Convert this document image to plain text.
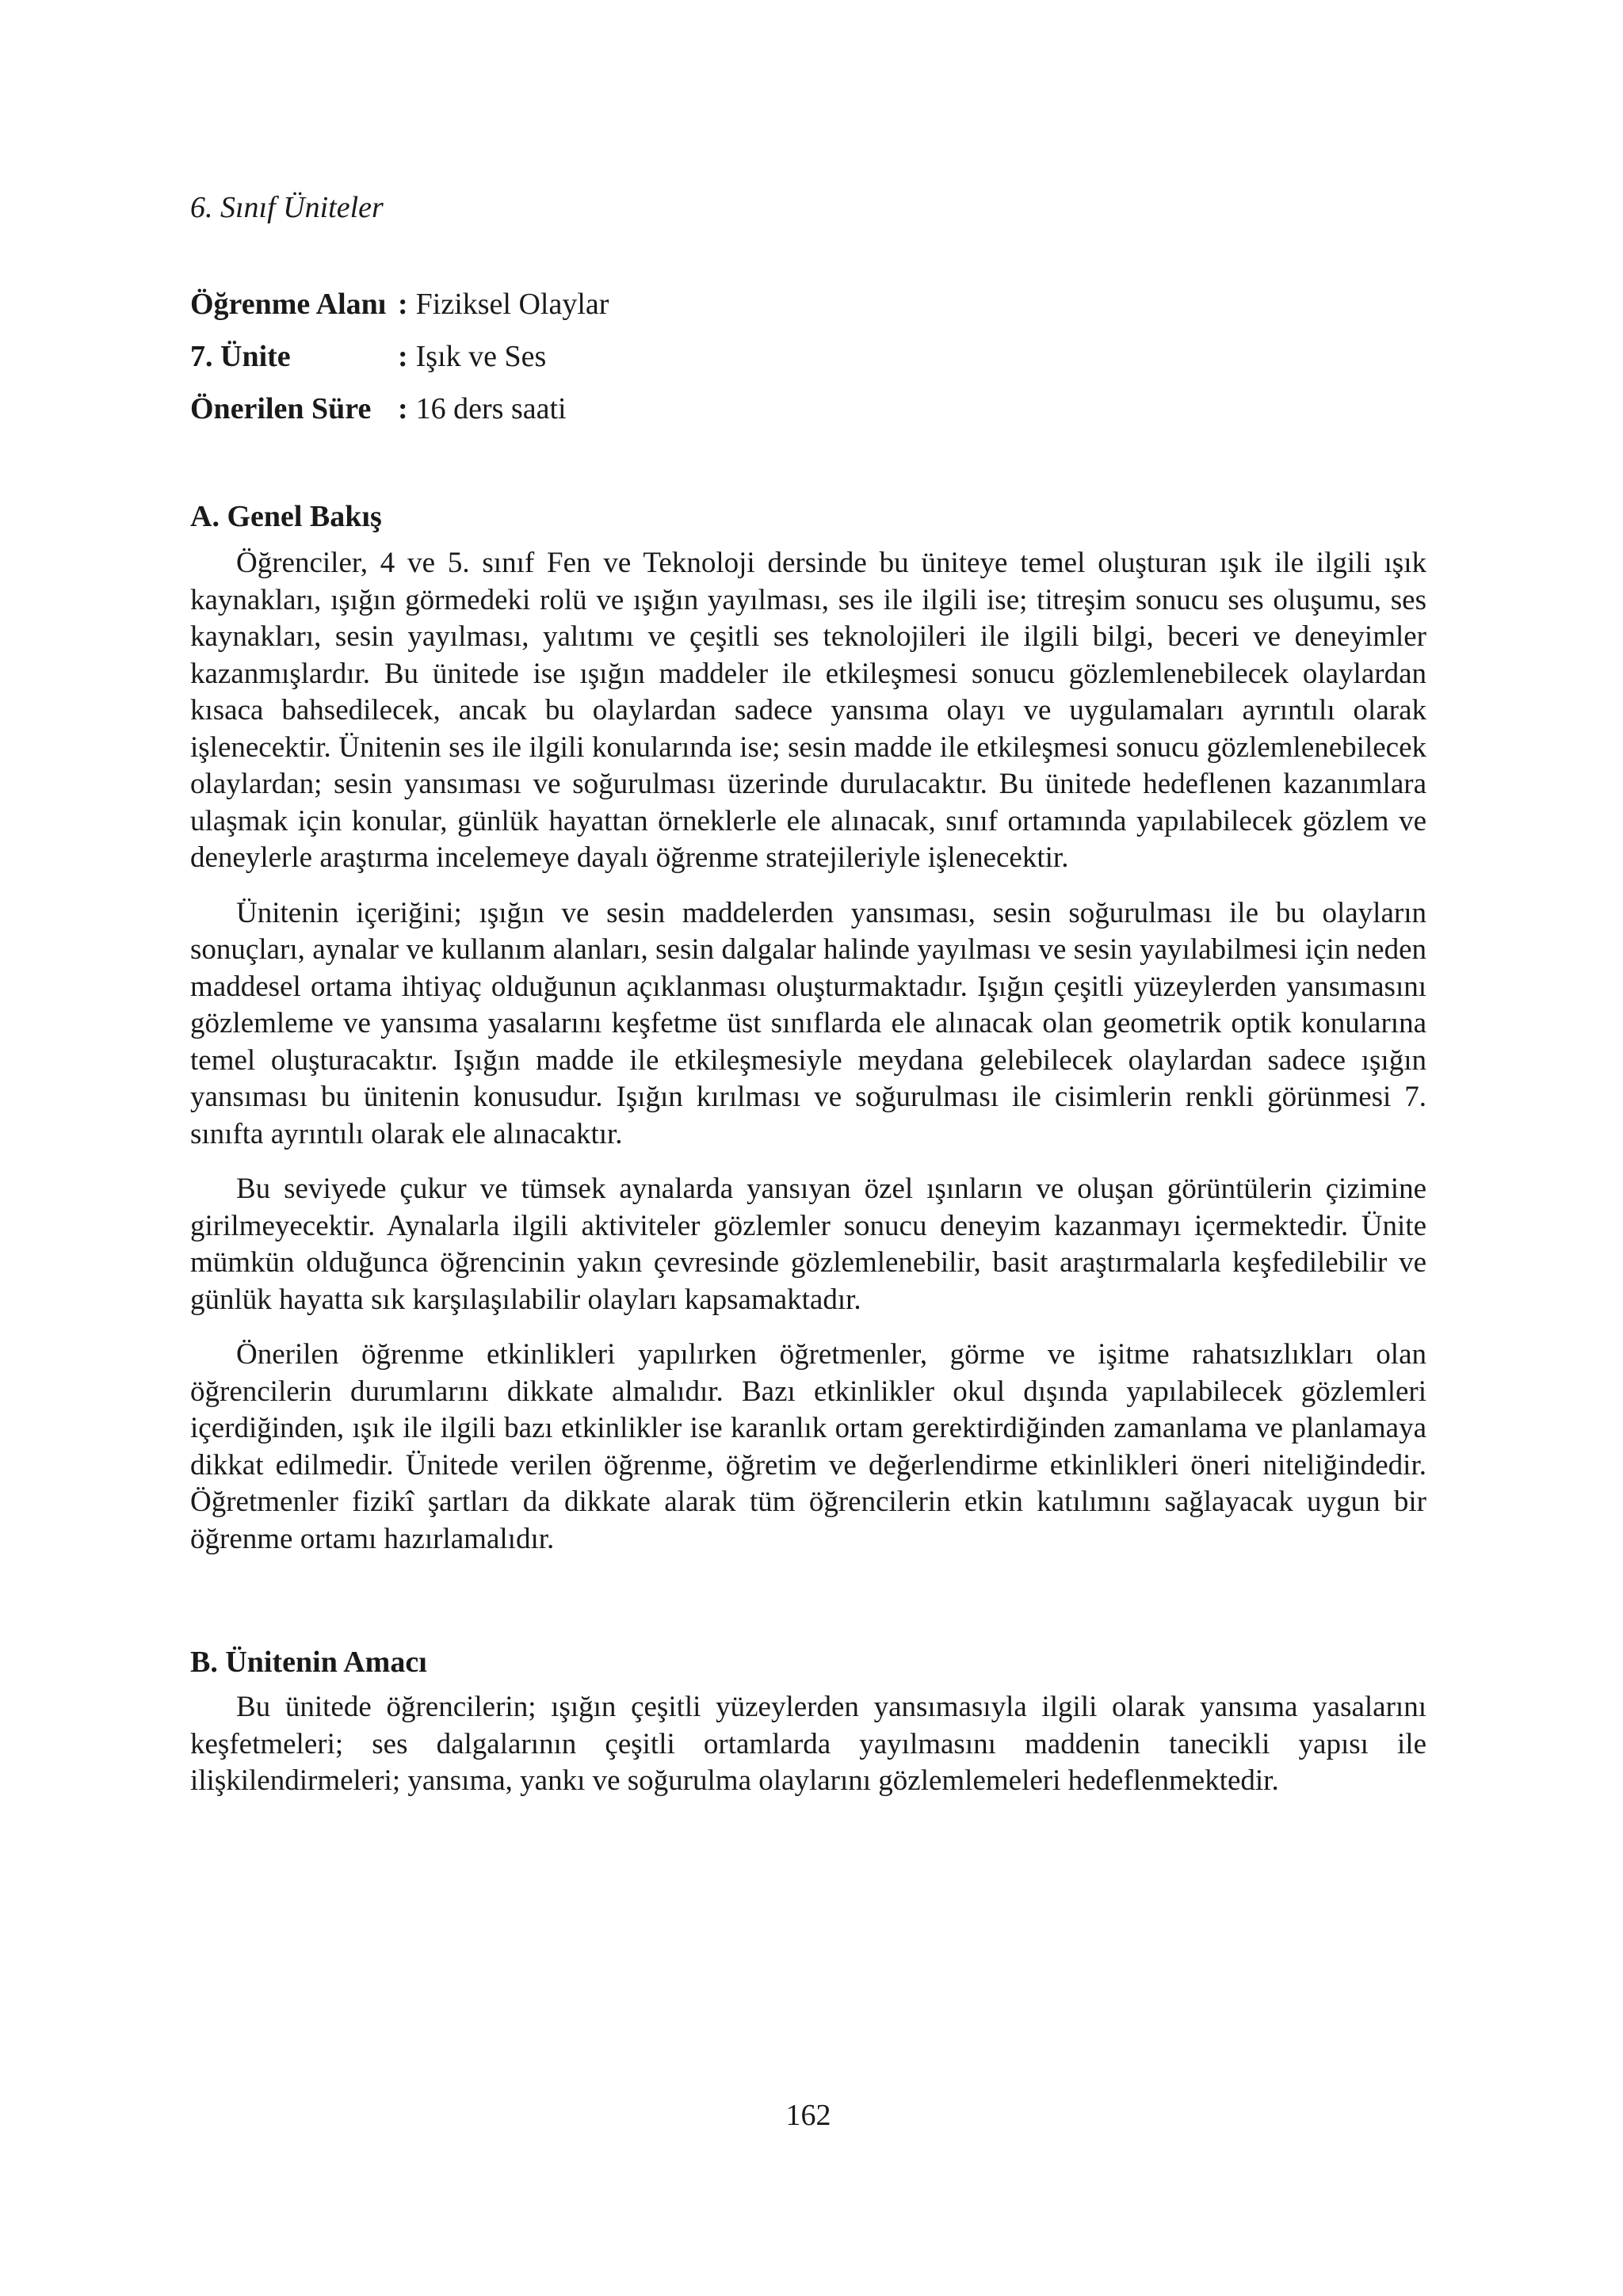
6. Sınıf Üniteler
Öğrenme Alanı : Fiziksel Olaylar
7. Ünite	: Işık ve Ses
Önerilen Süre : 16 ders saati
A. Genel Bakış

Öğrenciler, 4 ve 5. sınıf Fen ve Teknoloji dersinde bu üniteye temel oluşturan ışık ile ilgili ışık kaynakları, ışığın görmedeki rolü ve ışığın yayılması, ses ile ilgili ise; titreşim sonucu ses oluşumu, ses kaynakları, sesin yayılması, yalıtımı ve çeşitli ses teknolojileri ile ilgili bilgi, beceri ve deneyimler kazanmışlardır. Bu ünitede ise ışığın maddeler ile etkileşmesi sonucu gözlemlenebilecek olaylardan kısaca bahsedilecek, ancak bu olaylardan sadece yansıma olayı ve uygulamaları ayrıntılı olarak işlenecektir. Ünitenin ses ile ilgili konularında ise; sesin madde ile etkileşmesi sonucu gözlemlenebilecek olaylardan; sesin yansıması ve soğurulması üzerinde durulacaktır. Bu ünitede hedeflenen kazanımlara ulaşmak için konular, günlük hayattan örneklerle ele alınacak, sınıf ortamında yapılabilecek gözlem ve deneylerle araştırma incelemeye dayalı öğrenme stratejileriyle işlenecektir.

Ünitenin içeriğini; ışığın ve sesin maddelerden yansıması, sesin soğurulması ile bu olayların sonuçları, aynalar ve kullanım alanları, sesin dalgalar halinde yayılması ve sesin yayılabilmesi için neden maddesel ortama ihtiyaç olduğunun açıklanması oluşturmaktadır. Işığın çeşitli yüzeylerden yansımasını gözlemleme ve yansıma yasalarını keşfetme üst sınıflarda ele alınacak olan geometrik optik konularına temel oluşturacaktır. Işığın madde ile etkileşmesiyle meydana gelebilecek olaylardan sadece ışığın yansıması bu ünitenin konusudur. Işığın kırılması ve soğurulması ile cisimlerin renkli görünmesi 7. sınıfta ayrıntılı olarak ele alınacaktır.

Bu seviyede çukur ve tümsek aynalarda yansıyan özel ışınların ve oluşan görüntülerin çizimine girilmeyecektir. Aynalarla ilgili aktiviteler gözlemler sonucu deneyim kazanmayı içermektedir. Ünite mümkün olduğunca öğrencinin yakın çevresinde gözlemlenebilir, basit araştırmalarla keşfedilebilir ve günlük hayatta sık karşılaşılabilir olayları kapsamaktadır.

Önerilen öğrenme etkinlikleri yapılırken öğretmenler, görme ve işitme rahatsızlıkları olan öğrencilerin durumlarını dikkate almalıdır. Bazı etkinlikler okul dışında yapılabilecek gözlemleri içerdiğinden, ışık ile ilgili bazı etkinlikler ise karanlık ortam gerektirdiğinden zamanlama ve planlamaya dikkat edilmedir. Ünitede verilen öğrenme, öğretim ve değerlendirme etkinlikleri öneri niteliğindedir. Öğretmenler fizikî şartları da dikkate alarak tüm öğrencilerin etkin katılımını sağlayacak uygun bir öğrenme ortamı hazırlamalıdır.

B. Ünitenin Amacı

Bu ünitede öğrencilerin; ışığın çeşitli yüzeylerden yansımasıyla ilgili olarak yansıma yasalarını keşfetmeleri; ses dalgalarının çeşitli ortamlarda yayılmasını maddenin tanecikli yapısı ile ilişkilendirmeleri; yansıma, yankı ve soğurulma olaylarını gözlemlemeleri hedeflenmektedir.

162
